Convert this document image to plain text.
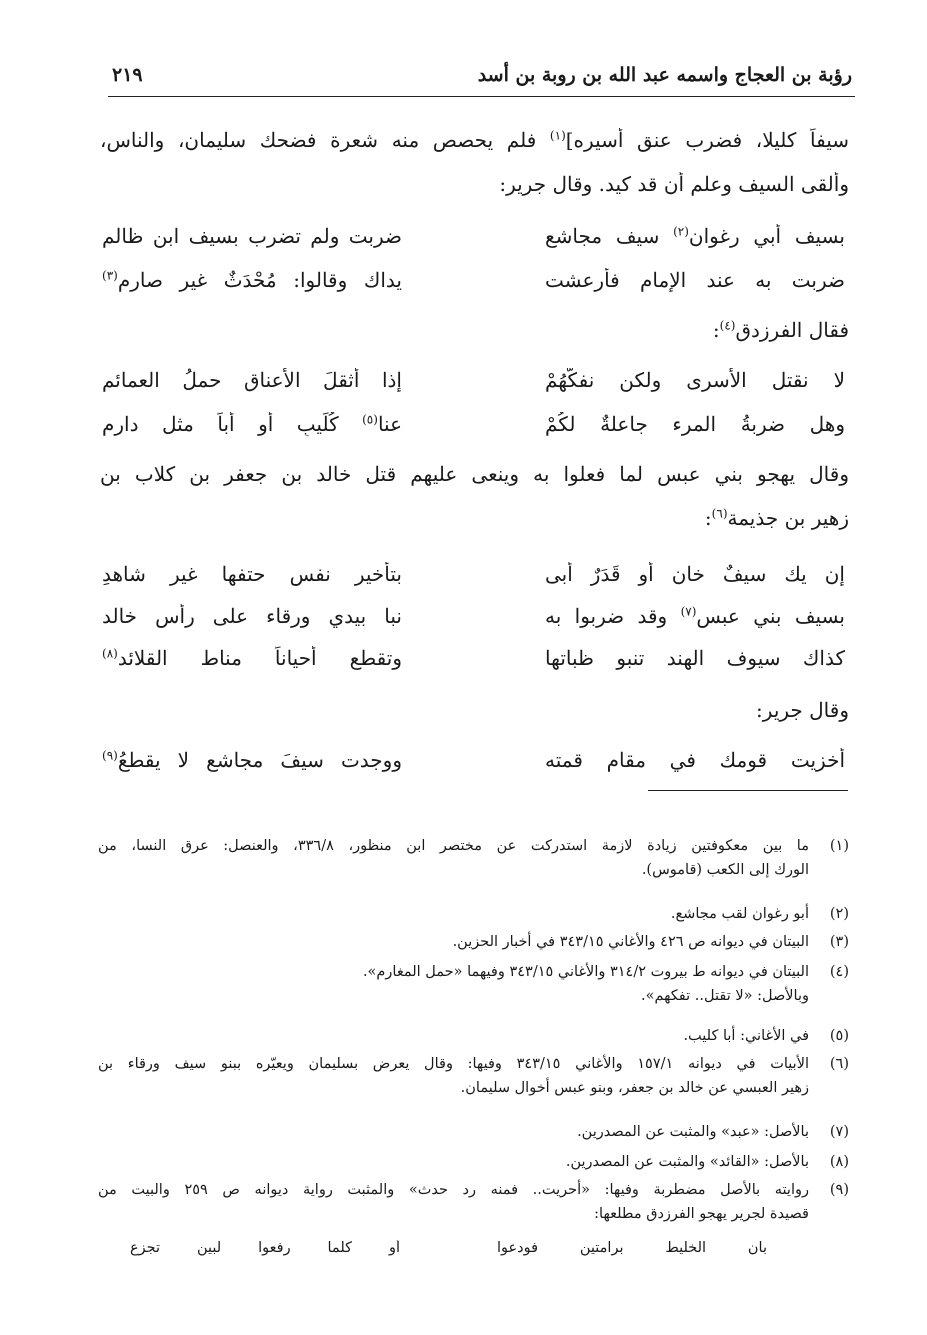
رؤبة بن العجاج واسمه عبد الله بن روبة بن أسد
٢١٩
سيفاً كليلا، فضرب عنق أسيره]$^{(١)}$ فلم يحصص منه شعرة فضحك سليمان، والناس،
وألقى السيف وعلم أن قد كيد. وقال جرير:
بسيف أبي رغوان$^{(٢)}$ سيف مجاشع
ضربت ولم تضرب بسيف ابن ظالم
ضربت به عند الإمام فأرعشت
يداك وقالوا: مُحْدَثٌ غير صارمِ$^{(٣)}$
فقال الفرزدق$^{(٤)}$:
لا نقتل الأسرى ولكن نفكُّهُمْ
إذا أثقلَ الأعناق حملُ العمائمِ
وهل ضربةُ المرء جاعلةٌ لكُمْ
عنا$^{(٥)}$ كُلَيبٍ أو أباً مثل دارمِ
وقال يهجو بني عبس لما فعلوا به وينعى عليهم قتل خالد بن جعفر بن كلاب بن
زهير بن جذيمة$^{(٦)}$:
إن يك سيفٌ خان أو قَدَرٌ أبى
بتأخير نفس حتفها غير شاهدِ
بسيف بني عبس$^{(٧)}$ وقد ضربوا به
نبا بيدي ورقاء على رأس خالد
كذاك سيوف الهند تنبو ظباتها
وتقطع أحياناً مناط القلائد$^{(٨)}$
وقال جرير:
أخزيت قومك في مقام قمته
ووجدت سيفَ مجاشعٍ لا يقطعُ$^{(٩)}$
(١)
ما بين معكوفتين زيادة لازمة استدركت عن مختصر ابن منظور، ٣٣٦/٨، والعنصل: عرق النسا، من
الورك إلى الكعب (قاموس).
(٢)
أبو رغوان لقب مجاشع.
(٣)
البيتان في ديوانه ص ٤٢٦ والأغاني ٣٤٣/١٥ في أخبار الحزين.
(٤)
البيتان في ديوانه ط بيروت ٣١٤/٢ والأغاني ٣٤٣/١٥ وفيهما «حمل المغارم».
وبالأصل: «لا تقتل.. تفكهم».
(٥)
في الأغاني: أبا كليب.
(٦)
الأبيات في ديوانه ١٥٧/١ والأغاني ٣٤٣/١٥ وفيها: وقال يعرض بسليمان ويعيّره ببنو سيف ورقاء بن
زهير العبسي عن خالد بن جعفر، وبنو عبس أخوال سليمان.
(٧)
بالأصل: «عبد» والمثبت عن المصدرين.
(٨)
بالأصل: «القائد» والمثبت عن المصدرين.
(٩)
روايته بالأصل مضطربة وفيها: «أحريت.. فمنه رد حدث» والمثبت رواية ديوانه ص ٢٥٩ والبيت من
قصيدة لجرير يهجو الفرزدق مطلعها:
بان الخليط برامتين فودعوا
أو كلما رفعوا لبين تجزع
